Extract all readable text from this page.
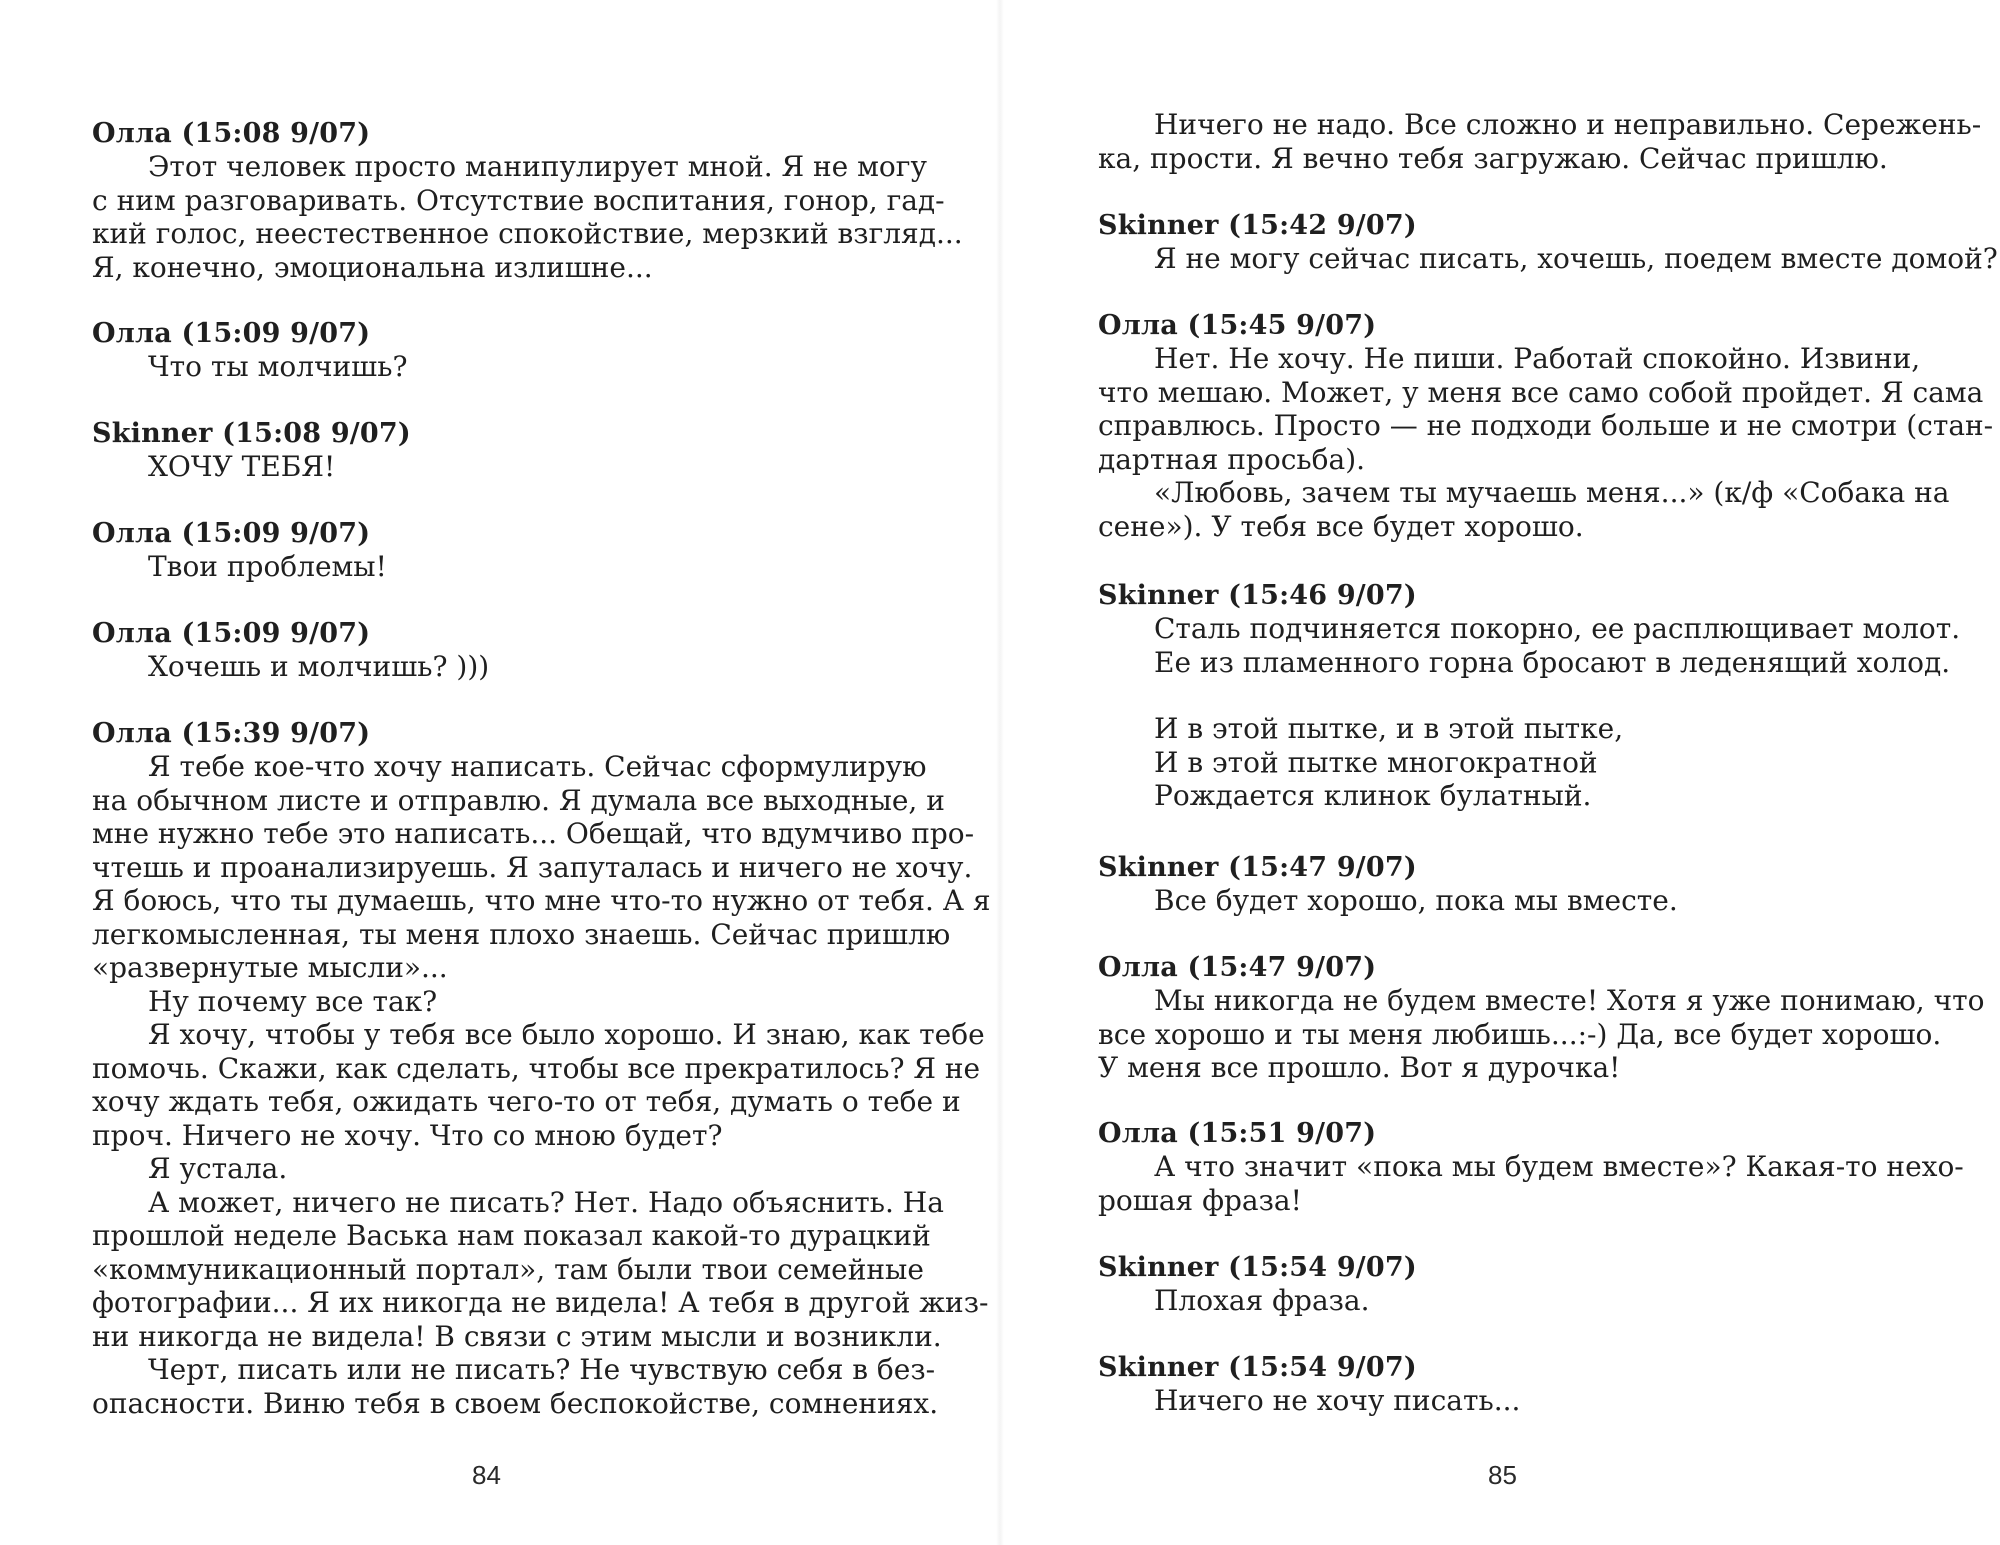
Олла (15:08 9/07)
Этот человек просто манипулирует мной. Я не могу
с ним разговаривать. Отсутствие воспитания, гонор, гад-
кий голос, неестественное спокойствие, мерзкий взгляд...
Я, конечно, эмоциональна излишне...
Олла (15:09 9/07)
Что ты молчишь?
Skinner (15:08 9/07)
ХОЧУ ТЕБЯ!
Олла (15:09 9/07)
Твои проблемы!
Олла (15:09 9/07)
Хочешь и молчишь? )))
Олла (15:39 9/07)
Я тебе кое-что хочу написать. Сейчас сформулирую
на обычном листе и отправлю. Я думала все выходные, и
мне нужно тебе это написать... Обещай, что вдумчиво про-
чтешь и проанализируешь. Я запуталась и ничего не хочу.
Я боюсь, что ты думаешь, что мне что-то нужно от тебя. А я
легкомысленная, ты меня плохо знаешь. Сейчас пришлю
«развернутые мысли»...
Ну почему все так?
Я хочу, чтобы у тебя все было хорошо. И знаю, как тебе
помочь. Скажи, как сделать, чтобы все прекратилось? Я не
хочу ждать тебя, ожидать чего-то от тебя, думать о тебе и
проч. Ничего не хочу. Что со мною будет?
Я устала.
А может, ничего не писать? Нет. Надо объяснить. На
прошлой неделе Васька нам показал какой-то дурацкий
«коммуникационный портал», там были твои семейные
фотографии... Я их никогда не видела! А тебя в другой жиз-
ни никогда не видела! В связи с этим мысли и возникли.
Черт, писать или не писать? Не чувствую себя в без-
опасности. Виню тебя в своем беспокойстве, сомнениях.
84
Ничего не надо. Все сложно и неправильно. Сережень-
ка, прости. Я вечно тебя загружаю. Сейчас пришлю.
Skinner (15:42 9/07)
Я не могу сейчас писать, хочешь, поедем вместе домой?
Олла (15:45 9/07)
Нет. Не хочу. Не пиши. Работай спокойно. Извини,
что мешаю. Может, у меня все само собой пройдет. Я сама
справлюсь. Просто — не подходи больше и не смотри (стан-
дартная просьба).
«Любовь, зачем ты мучаешь меня...» (к/ф «Собака на
сене»). У тебя все будет хорошо.
Skinner (15:46 9/07)
Сталь подчиняется покорно, ее расплющивает молот.
Ее из пламенного горна бросают в леденящий холод.
И в этой пытке, и в этой пытке,
И в этой пытке многократной
Рождается клинок булатный.
Skinner (15:47 9/07)
Все будет хорошо, пока мы вместе.
Олла (15:47 9/07)
Мы никогда не будем вместе! Хотя я уже понимаю, что
все хорошо и ты меня любишь...:-) Да, все будет хорошо.
У меня все прошло. Вот я дурочка!
Олла (15:51 9/07)
А что значит «пока мы будем вместе»? Какая-то нехо-
рошая фраза!
Skinner (15:54 9/07)
Плохая фраза.
Skinner (15:54 9/07)
Ничего не хочу писать...
85
